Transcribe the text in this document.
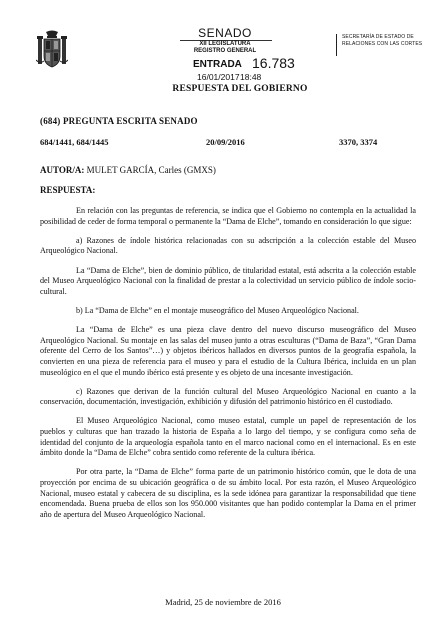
SENADO
XII LEGISLATURA
REGISTRO GENERAL
ENTRADA 16.783
16/01/2017 18:48
SECRETARÍA DE ESTADO DE
RELACIONES CON LAS CORTES
RESPUESTA DEL GOBIERNO
(684) PREGUNTA ESCRITA SENADO
684/1441, 684/1445	20/09/2016	3370, 3374
AUTOR/A: MULET GARCÍA, Carles (GMXS)
RESPUESTA:

En relación con las preguntas de referencia, se indica que el Gobierno no contempla en la actualidad la posibilidad de ceder de forma temporal o permanente la “Dama de Elche”, tomando en consideración lo que sigue:

a) Razones de índole histórica relacionadas con su adscripción a la colección estable del Museo Arqueológico Nacional.

La “Dama de Elche”, bien de dominio público, de titularidad estatal, está adscrita a la colección estable del Museo Arqueológico Nacional con la finalidad de prestar a la colectividad un servicio público de índole socio-cultural.

b) La “Dama de Elche” en el montaje museográfico del Museo Arqueológico Nacional.

La “Dama de Elche” es una pieza clave dentro del nuevo discurso museográfico del Museo Arqueológico Nacional. Su montaje en las salas del museo junto a otras esculturas (“Dama de Baza”, “Gran Dama oferente del Cerro de los Santos”…) y objetos ibéricos hallados en diversos puntos de la geografía española, la convierten en una pieza de referencia para el museo y para el estudio de la Cultura Ibérica, incluida en un plan museológico en el que el mundo ibérico está presente y es objeto de una incesante investigación.

c) Razones que derivan de la función cultural del Museo Arqueológico Nacional en cuanto a la conservación, documentación, investigación, exhibición y difusión del patrimonio histórico en él custodiado.

El Museo Arqueológico Nacional, como museo estatal, cumple un papel de representación de los pueblos y culturas que han trazado la historia de España a lo largo del tiempo, y se configura como seña de identidad del conjunto de la arqueología española tanto en el marco nacional como en el internacional. Es en este ámbito donde la “Dama de Elche” cobra sentido como referente de la cultura ibérica.

Por otra parte, la “Dama de Elche” forma parte de un patrimonio histórico común, que le dota de una proyección por encima de su ubicación geográfica o de su ámbito local. Por esta razón, el Museo Arqueológico Nacional, museo estatal y cabecera de su disciplina, es la sede idónea para garantizar la responsabilidad que tiene encomendada. Buena prueba de ellos son los 950.000 visitantes que han podido contemplar la Dama en el primer año de apertura del Museo Arqueológico Nacional.

Madrid, 25 de noviembre de 2016
